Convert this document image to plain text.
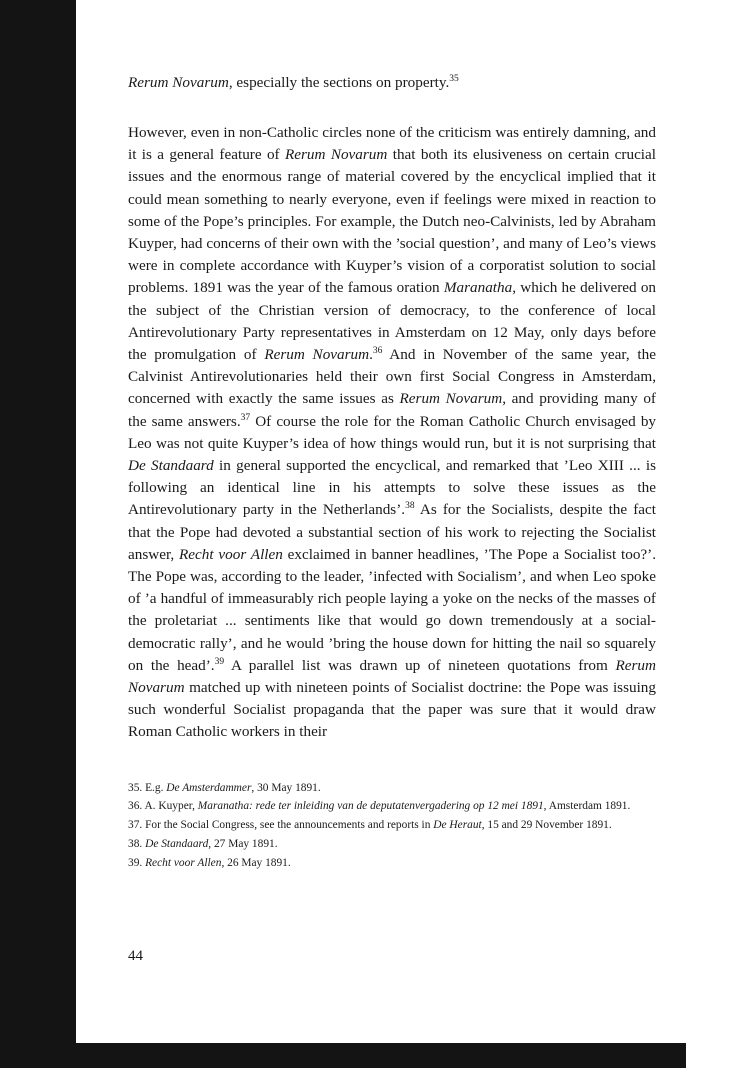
Rerum Novarum, especially the sections on property.$^{35}$

However, even in non-Catholic circles none of the criticism was entirely damning, and it is a general feature of Rerum Novarum that both its elusiveness on certain crucial issues and the enormous range of material covered by the encyclical implied that it could mean something to nearly everyone, even if feelings were mixed in reaction to some of the Pope’s principles. For example, the Dutch neo-Calvinists, led by Abraham Kuyper, had concerns of their own with the ’social question’, and many of Leo’s views were in complete accordance with Kuyper’s vision of a corporatist solution to social problems. 1891 was the year of the famous oration Maranatha, which he delivered on the subject of the Christian version of democracy, to the conference of local Antirevolutionary Party representatives in Amsterdam on 12 May, only days before the promulgation of Rerum Novarum.$^{36}$ And in November of the same year, the Calvinist Antirevolutionaries held their own first Social Congress in Amsterdam, concerned with exactly the same issues as Rerum Novarum, and providing many of the same answers.$^{37}$ Of course the role for the Roman Catholic Church envisaged by Leo was not quite Kuyper’s idea of how things would run, but it is not surprising that De Standaard in general supported the encyclical, and remarked that ’Leo XIII ... is following an identical line in his attempts to solve these issues as the Antirevolutionary party in the Netherlands’.$^{38}$ As for the Socialists, despite the fact that the Pope had devoted a substantial section of his work to rejecting the Socialist answer, Recht voor Allen exclaimed in banner headlines, ’The Pope a Socialist too?’. The Pope was, according to the leader, ’infected with Socialism’, and when Leo spoke of ’a handful of immeasurably rich people laying a yoke on the necks of the masses of the proletariat ... sentiments like that would go down tremendously at a social-democratic rally’, and he would ’bring the house down for hitting the nail so squarely on the head’.$^{39}$ A parallel list was drawn up of nineteen quotations from Rerum Novarum matched up with nineteen points of Socialist doctrine: the Pope was issuing such wonderful Socialist propaganda that the paper was sure that it would draw Roman Catholic workers in their

35. E.g. De Amsterdammer, 30 May 1891.

36. A. Kuyper, Maranatha: rede ter inleiding van de deputatenvergadering op 12 mei 1891, Amsterdam 1891.

37. For the Social Congress, see the announcements and reports in De Heraut, 15 and 29 November 1891.

38. De Standaard, 27 May 1891.

39. Recht voor Allen, 26 May 1891.

44
